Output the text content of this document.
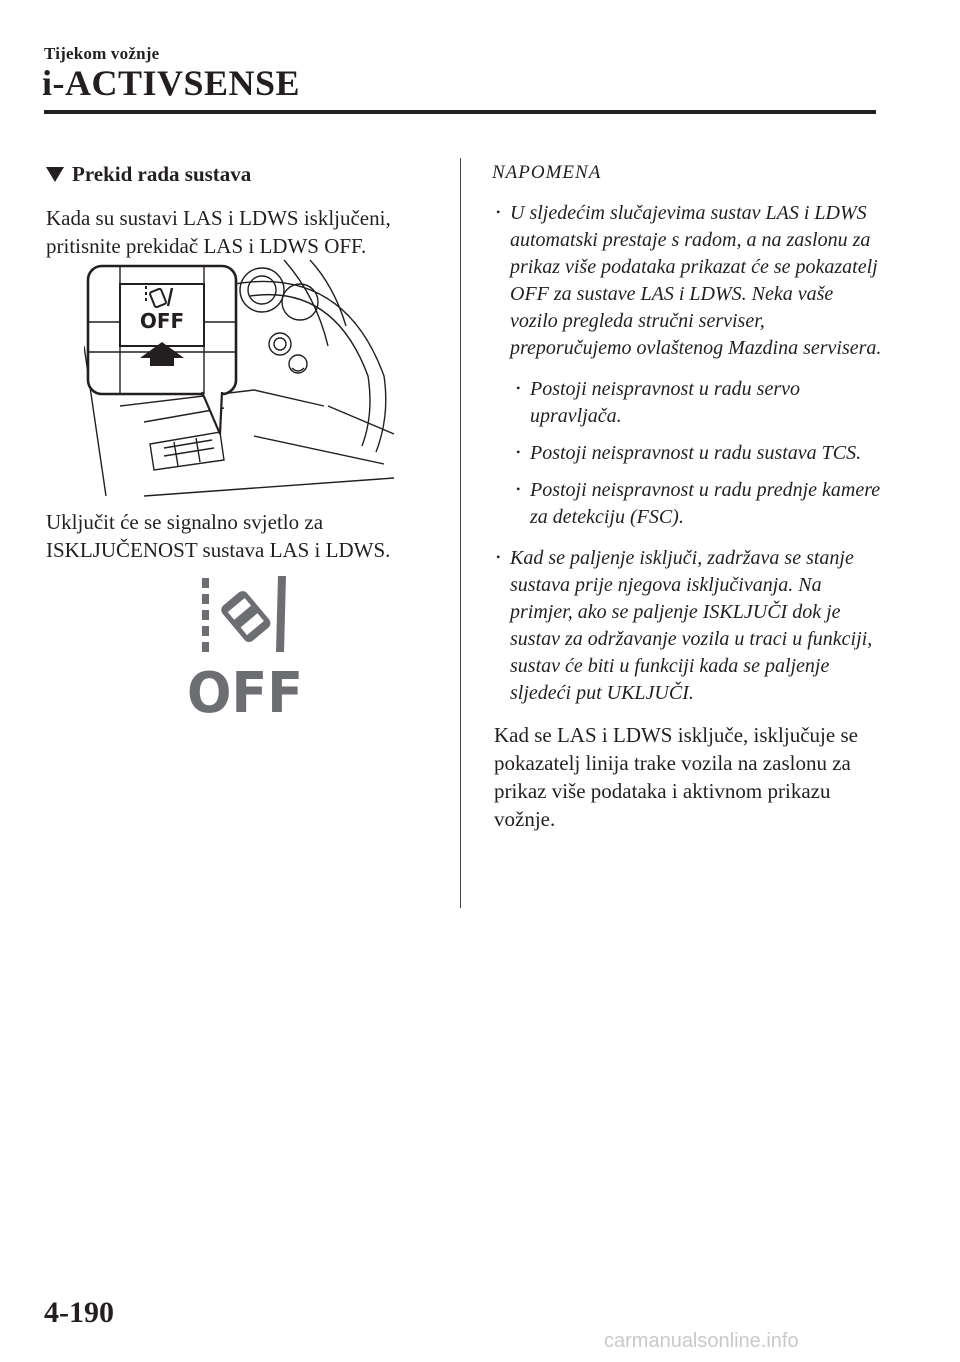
Tijekom vožnje
i-ACTIVSENSE
Prekid rada sustava
Kada su sustavi LAS i LDWS isključeni, pritisnite prekidač LAS i LDWS OFF.
OFF
Uključit će se signalno svjetlo za ISKLJUČENOST sustava LAS i LDWS.
OFF
NAPOMENA
• U sljedećim slučajevima sustav LAS i LDWS automatski prestaje s radom, a na zaslonu za prikaz više podataka prikazat će se pokazatelj OFF za sustave LAS i LDWS. Neka vaše vozilo pregleda stručni serviser, preporučujemo ovlaštenog Mazdina servisera.
• Postoji neispravnost u radu servo upravljača.
• Postoji neispravnost u radu sustava TCS.
• Postoji neispravnost u radu prednje kamere za detekciju (FSC).
• Kad se paljenje isključi, zadržava se stanje sustava prije njegova isključivanja. Na primjer, ako se paljenje ISKLJUČI dok je sustav za održavanje vozila u traci u funkciji, sustav će biti u funkciji kada se paljenje sljedeći put UKLJUČI.
Kad se LAS i LDWS isključe, isključuje se pokazatelj linija trake vozila na zaslonu za prikaz više podataka i aktivnom prikazu vožnje.
4-190
carmanualsonline.info
